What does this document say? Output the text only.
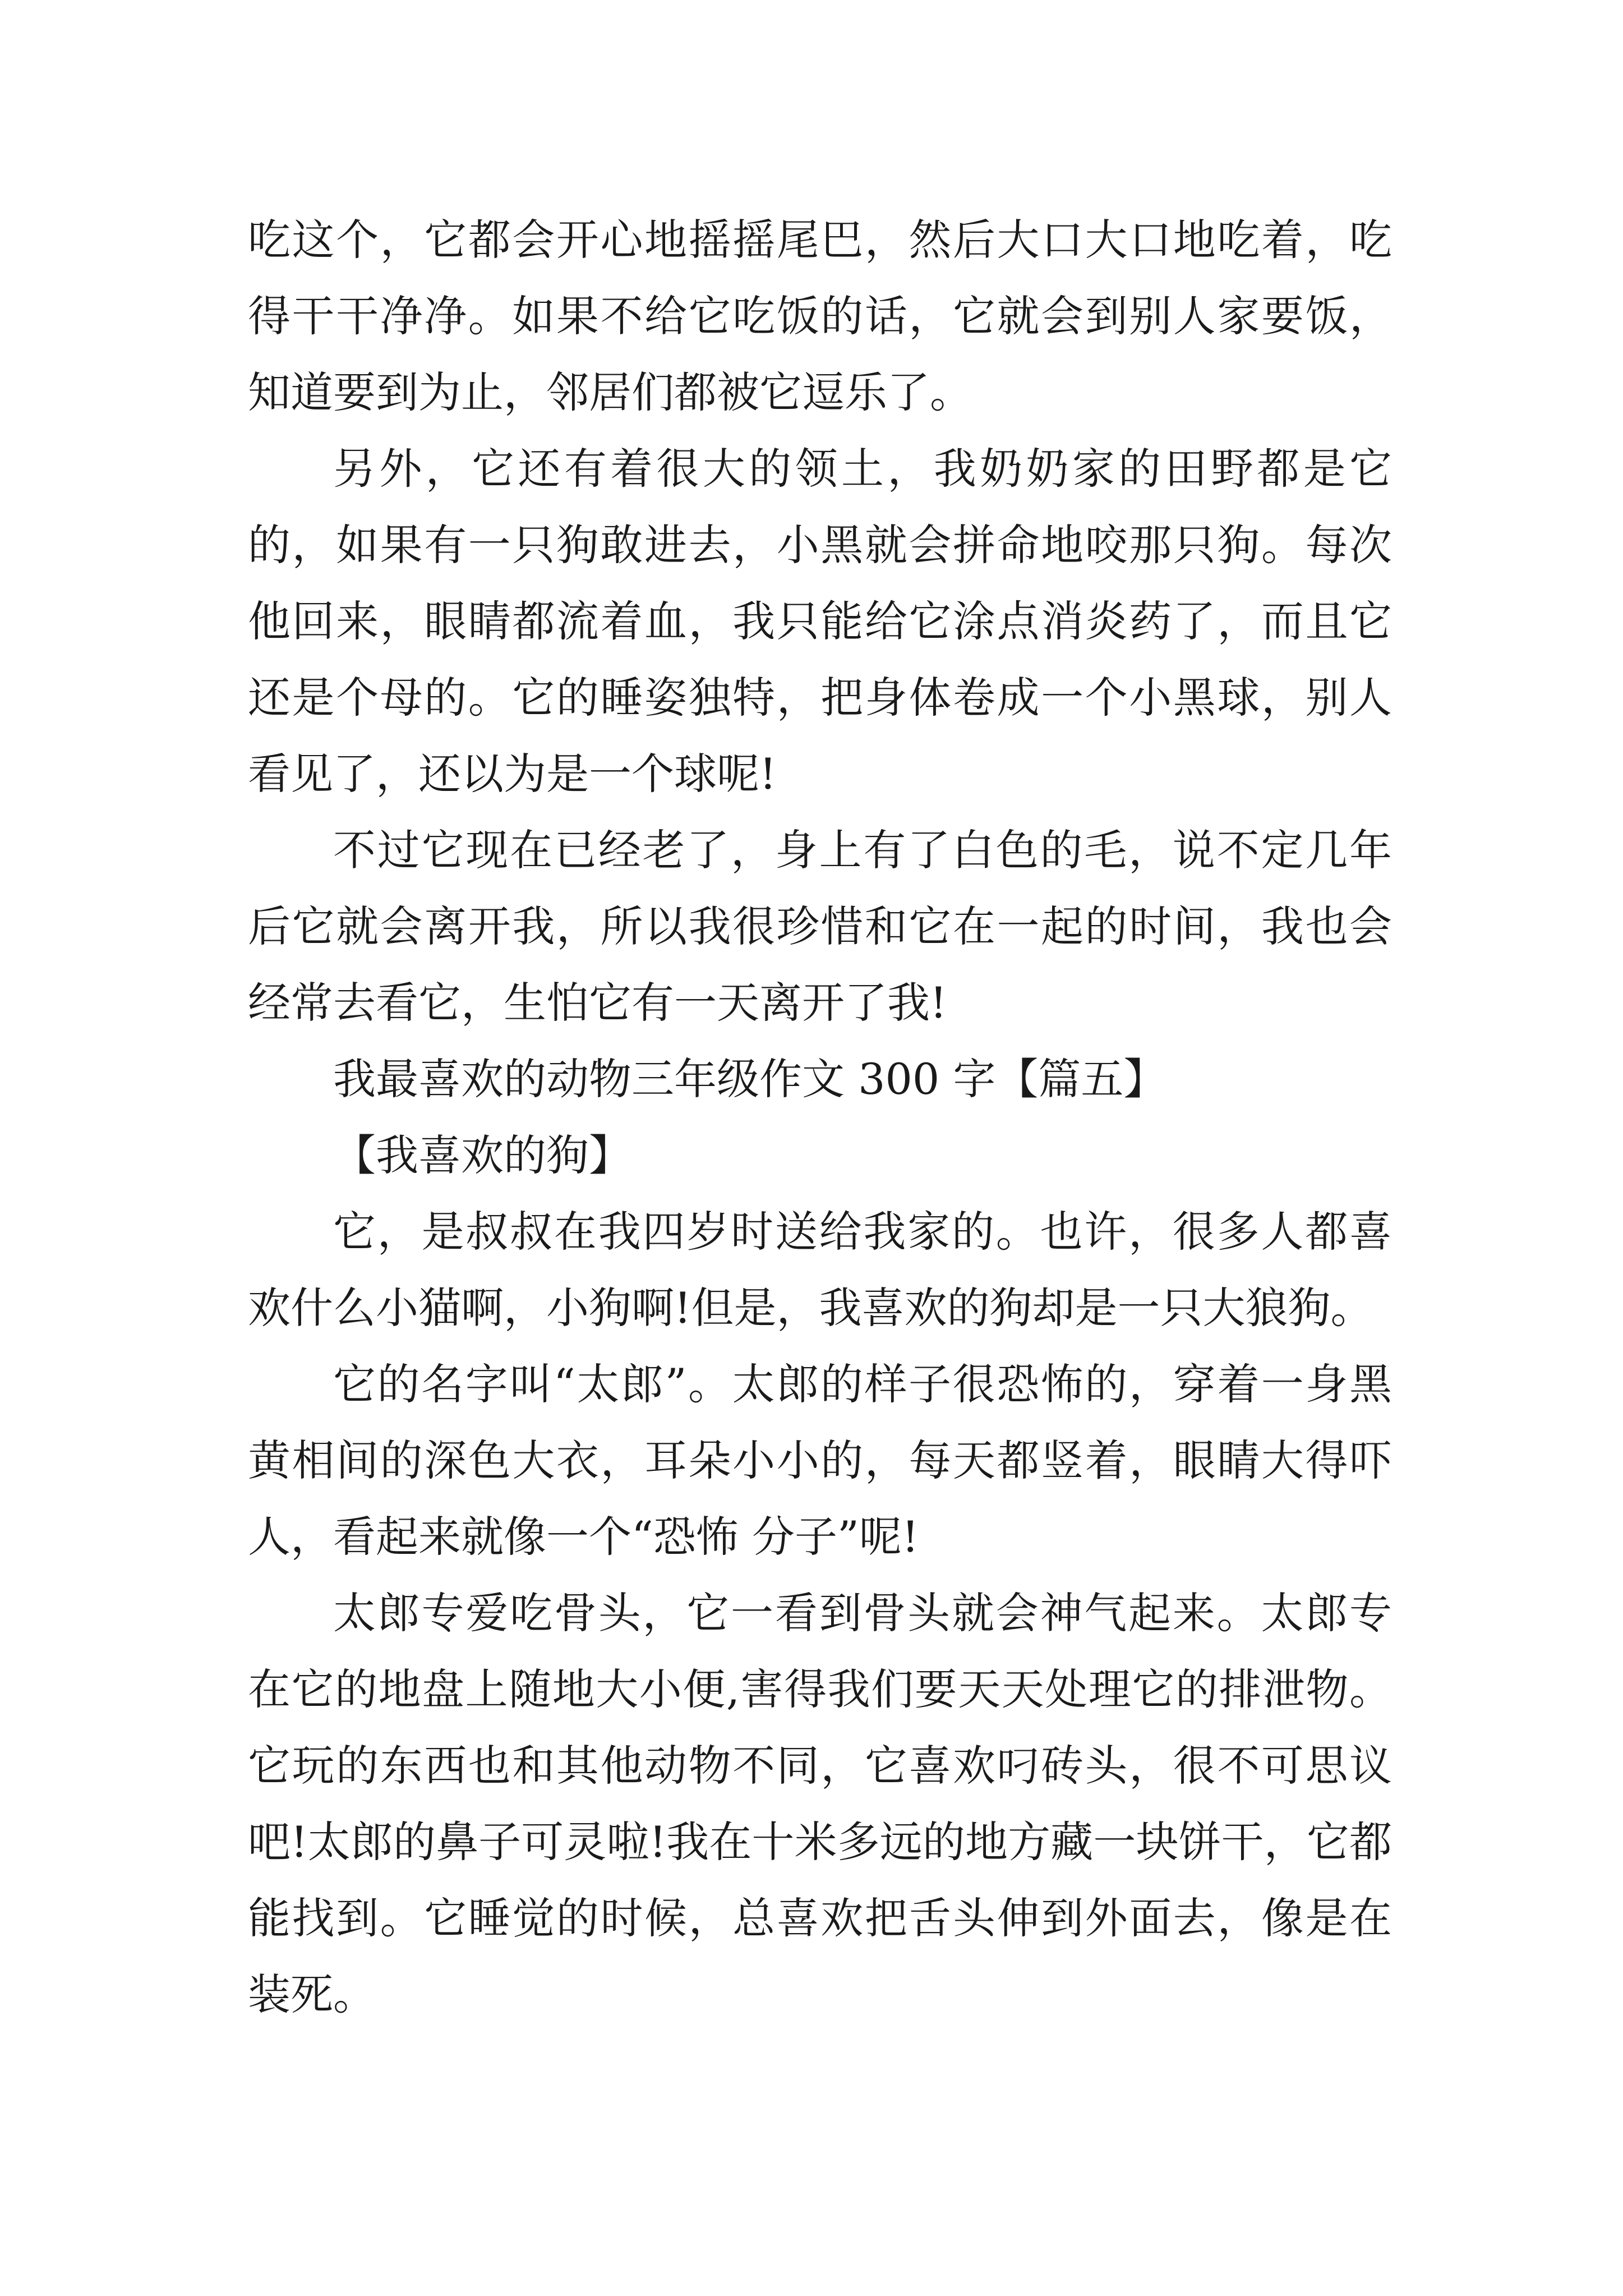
吃这个，它都会开心地摇摇尾巴，然后大口大口地吃着，吃得干干净净。如果不给它吃饭的话，它就会到别人家要饭，知道要到为止，邻居们都被它逗乐了。

另外，它还有着很大的领土，我奶奶家的田野都是它的，如果有一只狗敢进去，小黑就会拼命地咬那只狗。每次他回来，眼睛都流着血，我只能给它涂点消炎药了，而且它还是个母的。它的睡姿独特，把身体卷成一个小黑球，别人看见了，还以为是一个球呢!

不过它现在已经老了，身上有了白色的毛，说不定几年后它就会离开我，所以我很珍惜和它在一起的时间，我也会经常去看它，生怕它有一天离开了我!

我最喜欢的动物三年级作文 300 字【篇五】

【我喜欢的狗】

它，是叔叔在我四岁时送给我家的。也许，很多人都喜欢什么小猫啊，小狗啊!但是，我喜欢的狗却是一只大狼狗。

它的名字叫“太郎”。太郎的样子很恐怖的，穿着一身黑黄相间的深色大衣，耳朵小小的，每天都竖着，眼睛大得吓人，看起来就像一个“恐怖 分子”呢!

太郎专爱吃骨头，它一看到骨头就会神气起来。太郎专在它的地盘上随地大小便,害得我们要天天处理它的排泄物。它玩的东西也和其他动物不同，它喜欢叼砖头，很不可思议吧!太郎的鼻子可灵啦!我在十米多远的地方藏一块饼干，它都能找到。它睡觉的时候，总喜欢把舌头伸到外面去，像是在装死。
